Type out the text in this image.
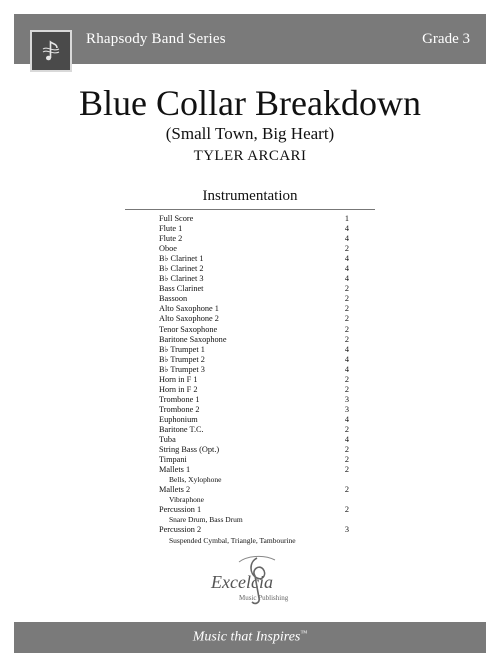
Rhapsody Band Series	Grade 3
Blue Collar Breakdown
(Small Town, Big Heart)
TYLER ARCARI
Instrumentation
Full Score	1
Flute 1	4
Flute 2	4
Oboe	2
B♭ Clarinet 1	4
B♭ Clarinet 2	4
B♭ Clarinet 3	4
Bass Clarinet	2
Bassoon	2
Alto Saxophone 1	2
Alto Saxophone 2	2
Tenor Saxophone	2
Baritone Saxophone	2
B♭ Trumpet 1	4
B♭ Trumpet 2	4
B♭ Trumpet 3	4
Horn in F 1	2
Horn in F 2	2
Trombone 1	3
Trombone 2	3
Euphonium	4
Baritone T.C.	2
Tuba	4
String Bass (Opt.)	2
Timpani	2
Mallets 1	2
Bells, Xylophone
Mallets 2	2
Vibraphone
Percussion 1	2
Snare Drum, Bass Drum
Percussion 2	3
Suspended Cymbal, Triangle, Tambourine
Excelcia
Music Publishing
Music that Inspires™
